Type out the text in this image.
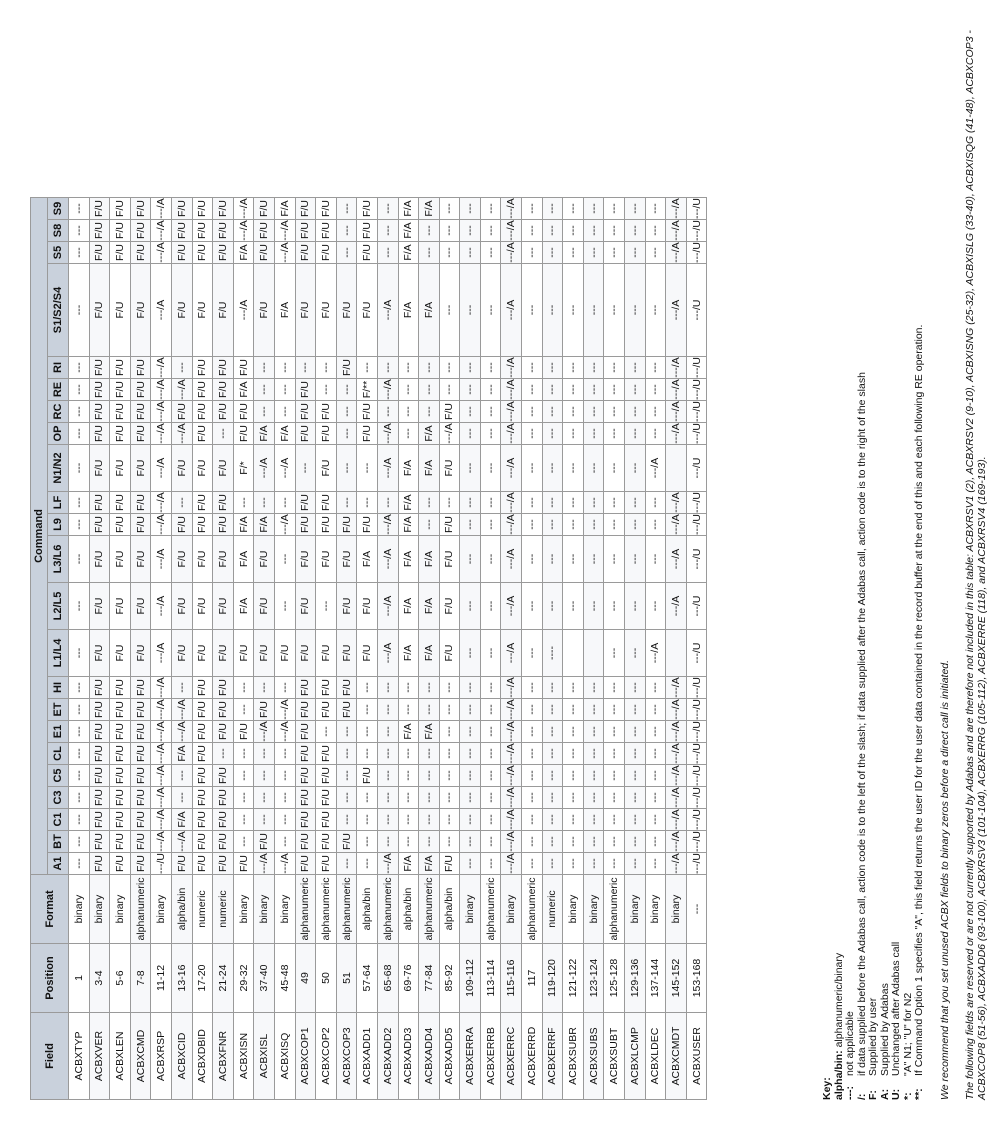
Field	Position	Format	Command																						
			A1	BT	C1	C3	C5	CL	E1	ET	HI	L1/L4	L2/L5	L3/L6	L9	LF	N1/N2	OP	RC	RE	RI	S1/S2/S4	S5	S8	S9
ACBXTYP	1	binary	---	---	---	---	---	---	---	---	---	---	---	---	---	---	---	---	---	---	---	---	---	---	---
ACBXVER	3-4	binary	F/U	F/U	F/U	F/U	F/U	F/U	F/U	F/U	F/U	F/U	F/U	F/U	F/U	F/U	F/U	F/U	F/U	F/U	F/U	F/U	F/U	F/U	F/U
ACBXLEN	5-6	binary	F/U	F/U	F/U	F/U	F/U	F/U	F/U	F/U	F/U	F/U	F/U	F/U	F/U	F/U	F/U	F/U	F/U	F/U	F/U	F/U	F/U	F/U	F/U
ACBXCMD	7-8	alphanumeric	F/U	F/U	F/U	F/U	F/U	F/U	F/U	F/U	F/U	F/U	F/U	F/U	F/U	F/U	F/U	F/U	F/U	F/U	F/U	F/U	F/U	F/U	F/U
ACBXRSP	11-12	binary	---/U	---/A	---/A	---/A	---/A	---/A	---/A	---/A	---/A	---/A	---/A	---/A	---/A	---/A	---/A	---/A	---/A	---/A	---/A	---/A	---/A	---/A	---/A
ACBXCID	13-16	alpha/bin	F/U	---/A	F/A	---	---	F/A	---/A	---/A	---	F/U	F/U	F/U	F/U	---	F/U	---/A	F/U	---/A	---	F/U	F/U	F/U	F/U
ACBXDBID	17-20	numeric	F/U	F/U	F/U	F/U	F/U	F/U	F/U	F/U	F/U	F/U	F/U	F/U	F/U	F/U	F/U	F/U	F/U	F/U	F/U	F/U	F/U	F/U	F/U
ACBXFNR	21-24	numeric	F/U	F/U	F/U	F/U	F/U	---	F/U	F/U	F/U	F/U	F/U	F/U	F/U	F/U	F/U	---	F/U	F/U	F/U	F/U	F/U	F/U	F/U
ACBXISN	29-32	binary	F/U	---	---	---	---	---	F/U	---	---	F/U	F/A	F/A	F/A	---	F/*	F/U	F/U	F/A	F/U	---/A	F/A	---/A	---/A
ACBXISL	37-40	binary	---/A	F/U	---	---	---	---	---/A	F/U	---	F/U	F/U	F/U	F/A	---	---/A	F/A	---	---	---	F/U	F/U	F/U	F/U
ACBXISQ	45-48	binary	---/A	---	---	---	---	---	---/A	---/A	---	F/U	---	---	---/A	---	---/A	F/A	---	---	---	F/A	---/A	---/A	F/A
ACBXCOP1	49	alphanumeric	F/U	F/U	F/U	F/U	F/U	F/U	F/U	F/U	F/U	F/U	F/U	F/U	F/U	F/U	---	F/U	F/U	F/U	---	F/U	F/U	F/U	F/U
ACBXCOP2	50	alphanumeric	F/U	F/U	F/U	F/U	F/U	F/U	---	F/U	F/U	F/U	---	F/U	F/U	F/U	F/U	F/U	F/U	---	---	F/U	F/U	F/U	F/U
ACBXCOP3	51	alphanumeric	---	F/U	---	---	---	---	---	F/U	F/U	F/U	F/U	F/U	F/U	---	---	---	---	---	F/U	F/U	---	---	---
ACBXADD1	57-64	alpha/bin	---	---	---	---	F/U	---	---	---	---	F/U	F/U	F/A	F/U	---	---	F/U	F/U	F/**	---	F/U	F/U	F/U	F/U
ACBXADD2	65-68	alphanumeric	---/A	---	---	---	---	---	---	---	---	---/A	---/A	---/A	---/A	---	---/A	---/A	---	---/A	---	---/A	---	---	---
ACBXADD3	69-76	alpha/bin	F/A	---	---	---	---	---	F/A	---	---	F/A	F/A	F/A	F/A	F/A	F/A	---	---	---	---	F/A	F/A	F/A	F/A
ACBXADD4	77-84	alphanumeric	F/A	---	---	---	---	---	F/A	---	---	F/A	F/A	F/A	---	---	F/A	F/A	---	---	---	F/A	---	---	F/A
ACBXADD5	85-92	alpha/bin	F/U	---	---	---	---	---	---	---	---	F/U	F/U	F/U	F/U	---	F/U	---/A	F/U	---	---	---	---	---	---
ACBXERRA	109-112	binary	---	---	---	---	---	---	---	---	---	---	---	---	---	---	---	---	---	---	---	---	---	---	---
ACBXERRB	113-114	alphanumeric	---	---	---	---	---	---	---	---	---	---	---	---	---	---	---	---	---	---	---	---	---	---	---
ACBXERRC	115-116	binary	---/A	---/A	---/A	---/A	---/A	---/A	---/A	---/A	---/A	---/A	---/A	---/A	---/A	---/A	---/A	---/A	---/A	---/A	---/A	---/A	---/A	---/A	---/A
ACBXERRD	117	alphanumeric	---	---	---	---	---	---	---	---	---	---	---	---	---	---	---	---	---	---	---	---	---	---	---
ACBXERRF	119-120	numeric	---	---	---	---	---	---	---	---	---	----	---	---	---	---	---	---	---	---	---	---	---	---	---
ACBXSUBR	121-122	binary	---	---	---	---	---	---	---	---	---		---	---	---	---	---	---	---	---	---	---	---	---	---
ACBXSUBS	123-124	binary	---	---	---	---	---	---	---	---	---		---	---	---	---	---	---	---	---	---	---	---	---	---
ACBXSUBT	125-128	alphanumeric	---	---	---	---	---	---	---	---	---	---	---	---	---	---	---	---	---	---	---	---	---	---	---
ACBXLCMP	129-136	binary	---	---	---	---	---	---	---	---	---	---	---	---	---	---	---	---	---	---	---	---	---	---	---
ACBXLDEC	137-144	binary	---	---	---	---	---	---	---	---	---	---/A	---	---	---	---	---/A	---	---	---	---	---	---	---	---
ACBXCMDT	145-152	binary	---/A	---/A	---/A	---/A	---/A	---/A	---/A	---/A	---/A		---/A	---/A	---/A	---/A		---/A	---/A	---/A	---/A	---/A	---/A	---/A	---/A
ACBXUSER	153-168	---	---/U	---/U	---/U	---/U	---/U	---/U	---/U	---/U	---/U	---/U	---/U	---/U	---/U	---/U	---/U	---/U	---/U	---/U	---/U	---/U	---/U	---/U	---/U
Key: alpha/bin:
alphanumeric/binary
---:
not applicable
/:
if data supplied before the Adabas call, action code is to the left of the slash; if data supplied after the Adabas call, action code is to the right of the slash
F:
Supplied by user
A:
Supplied by Adabas
U:
Unchanged after Adabas call
*:
"A" N1; "U" for N2
**:
If Command Option 1 specifies "A", this field returns the user ID for the user data contained in the record buffer at the end of this and each following RE operation. We recommend that you set unused ACBX fields to binary zeros before a direct call is initiated. The following fields are reserved or are not currently supported by Adabas and are therefore not included in this table: ACBXRSV1 (2), ACBXRSV2 (9-10), ACBXISNG (25-32), ACBXISLG (33-40), ACBXISQG (41-48), ACBXCOP3 - ACBXCOP8 (51-56), ACBXADD6 (93-100), ACBXRSV3 (101-104), ACBXERRG (105-112), ACBXERRE (118), and ACBXRSV4 (169-193).
